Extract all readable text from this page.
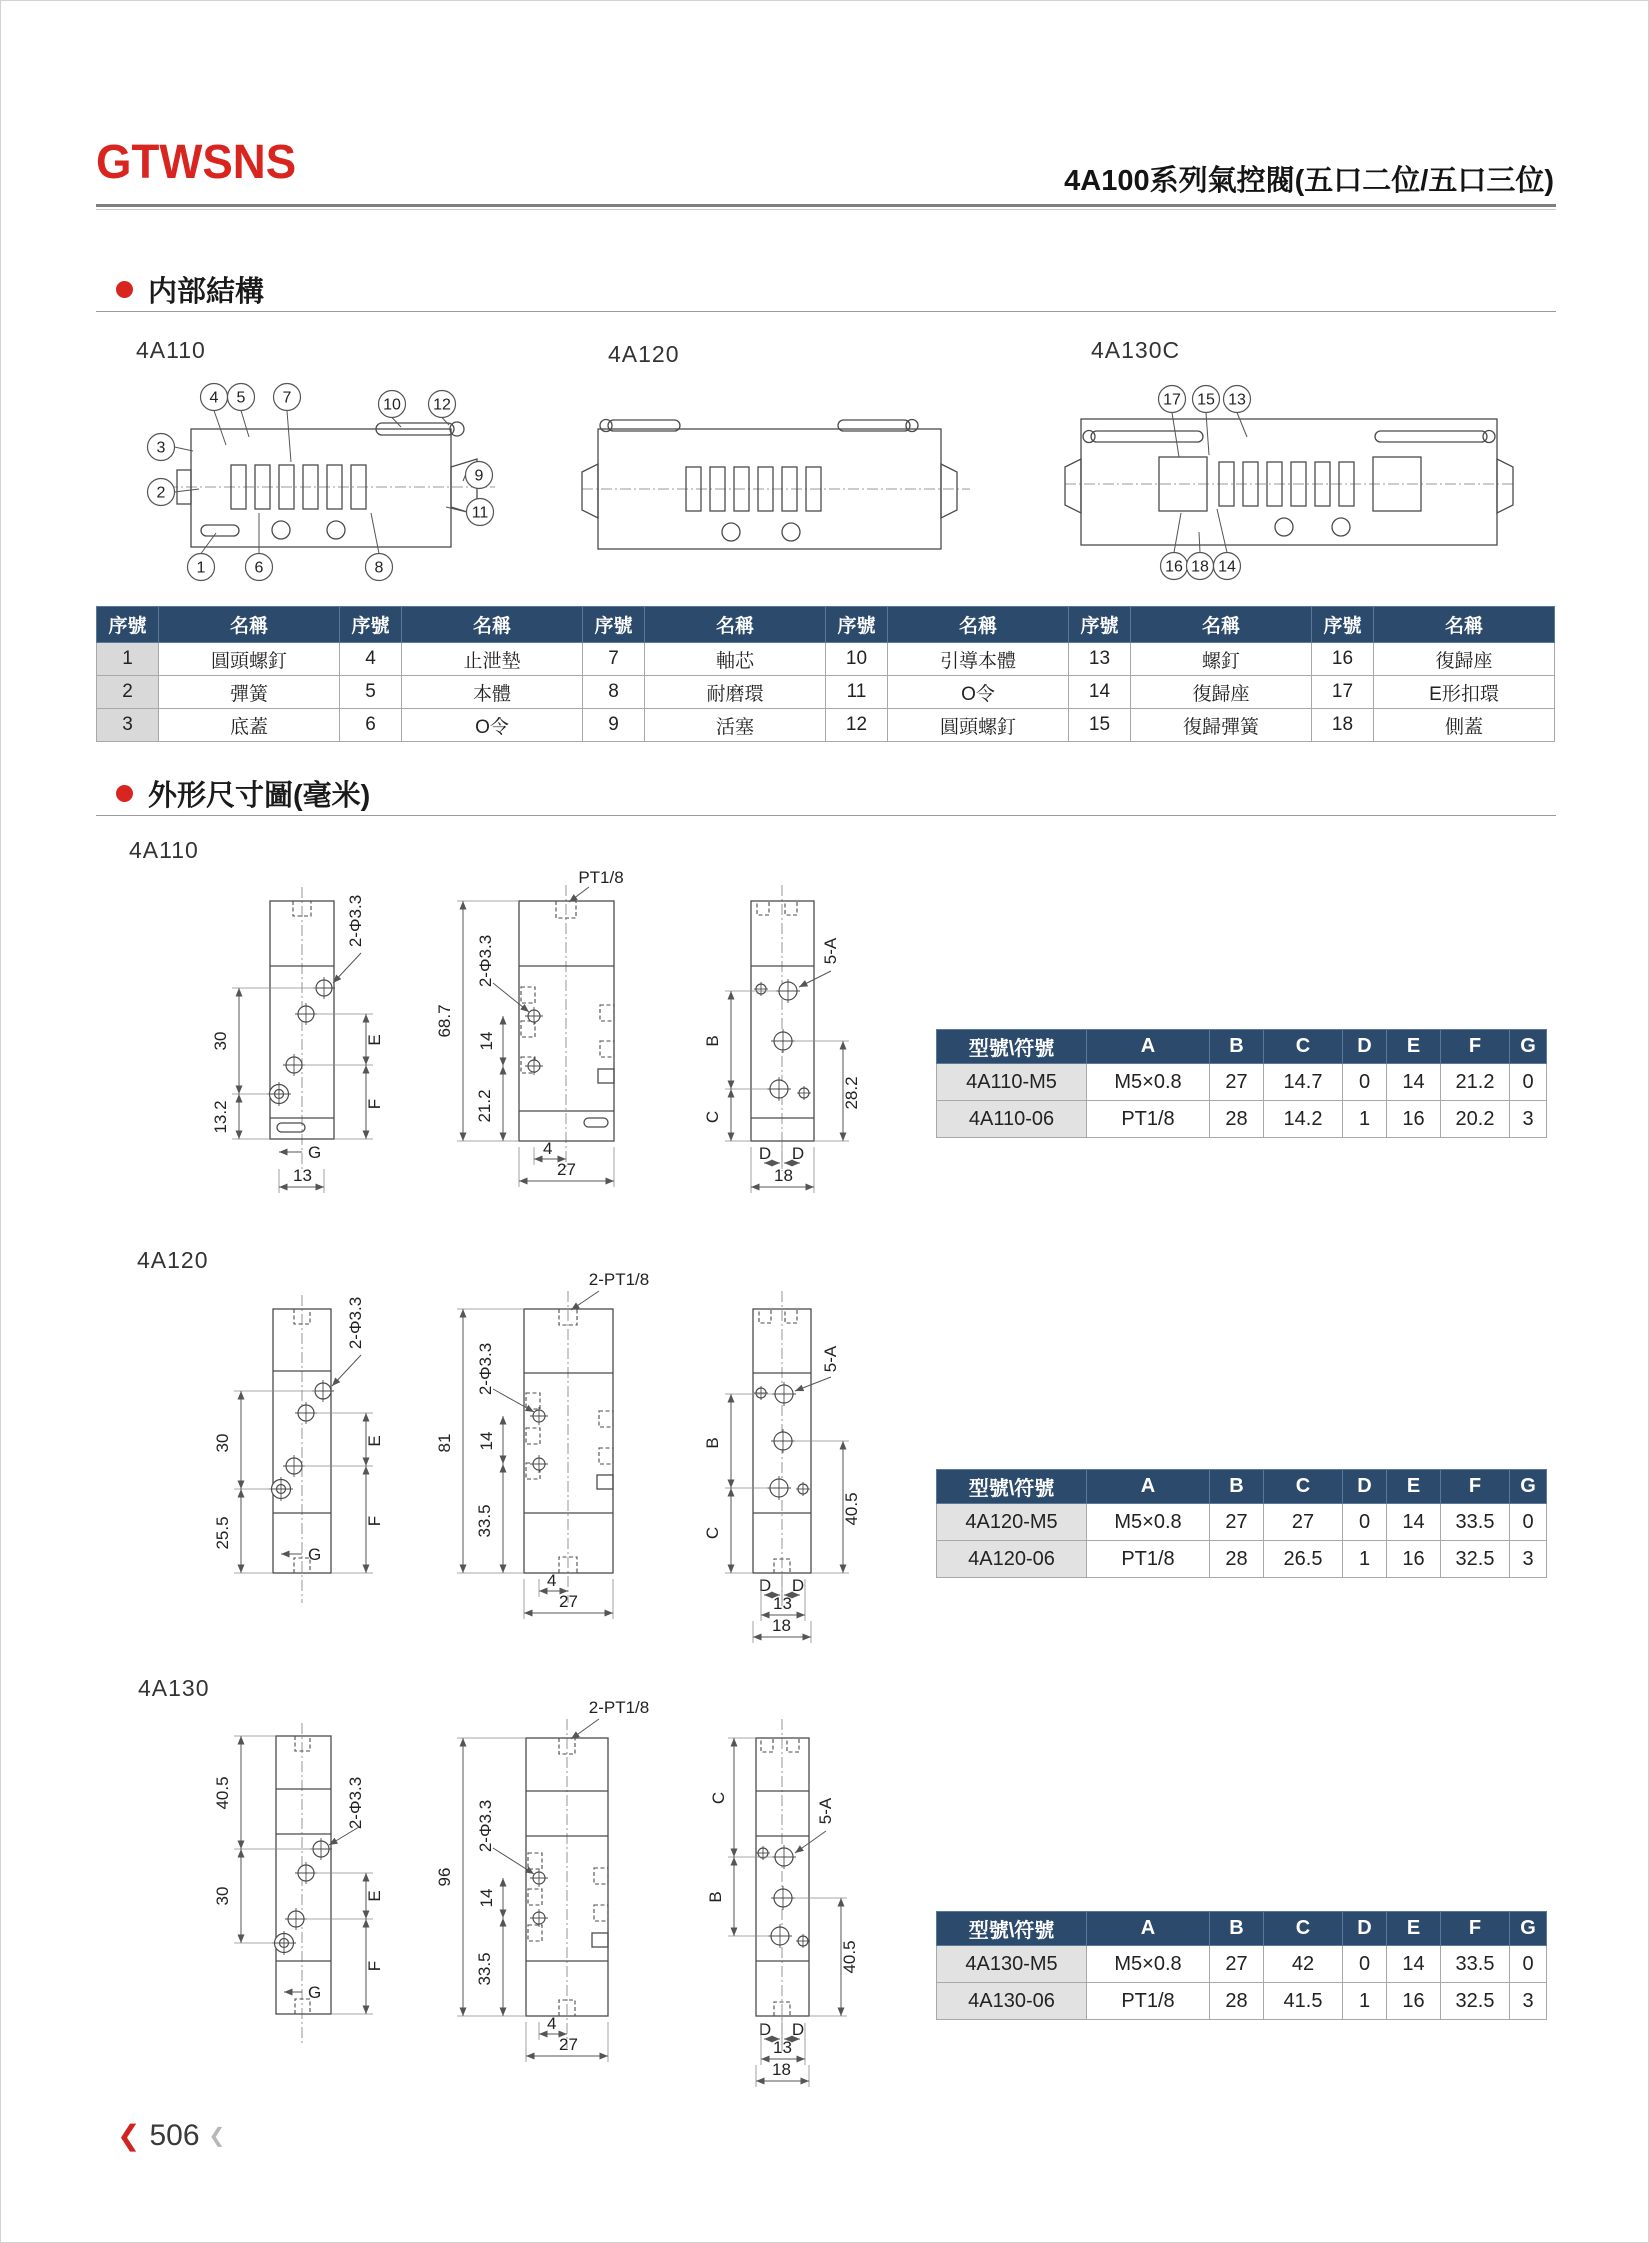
GTWSNS	4A100系列氣控閥(五口二位/五口三位)
内部結構
4A110	4A120	4A130C
4 5 7	10 12
3
2
9
11
1	6	8
17 15 13
16 18 14
序號	名稱	序號	名稱	序號	名稱	序號	名稱	序號	名稱	序號	名稱
1	圓頭螺釘	4	止泄墊	7	軸芯	10	引導本體	13	螺釘	16	復歸座
2	彈簧	5	本體	8	耐磨環	11	O令	14	復歸座	17	E形扣環
3	底蓋	6	O令	9	活塞	12	圓頭螺釘	15	復歸彈簧	18	側蓋
外形尺寸圖(毫米)
4A110
2-Φ3.3
30
13.2
E
F
G
13
PT1/8
68.7
2-Φ3.3
14
21.2
4
27
5-A
B
C
28.2
D D
18
型號\符號	A	B	C	D	E	F	G
4A110-M5	M5×0.8	27	14.7	0	14	21.2	0
4A110-06	PT1/8	28	14.2	1	16	20.2	3
4A120
2-Φ3.3
30
25.5
E
F
G
2-PT1/8
81
2-Φ3.3
14
33.5
4
27
5-A
B
C
40.5
D D
13
18
型號\符號	A	B	C	D	E	F	G
4A120-M5	M5×0.8	27	27	0	14	33.5	0
4A120-06	PT1/8	28	26.5	1	16	32.5	3
4A130
2-Φ3.3
40.5
30	E
F
G
2-PT1/8
96
2-Φ3.3
14
33.5
4
27
C	5-A
B
40.5
D D
13
18
型號\符號	A	B	C	D	E	F	G
4A130-M5	M5×0.8	27	42	0	14	33.5	0
4A130-06	PT1/8	28	41.5	1	16	32.5	3
❮ 506 ❮
